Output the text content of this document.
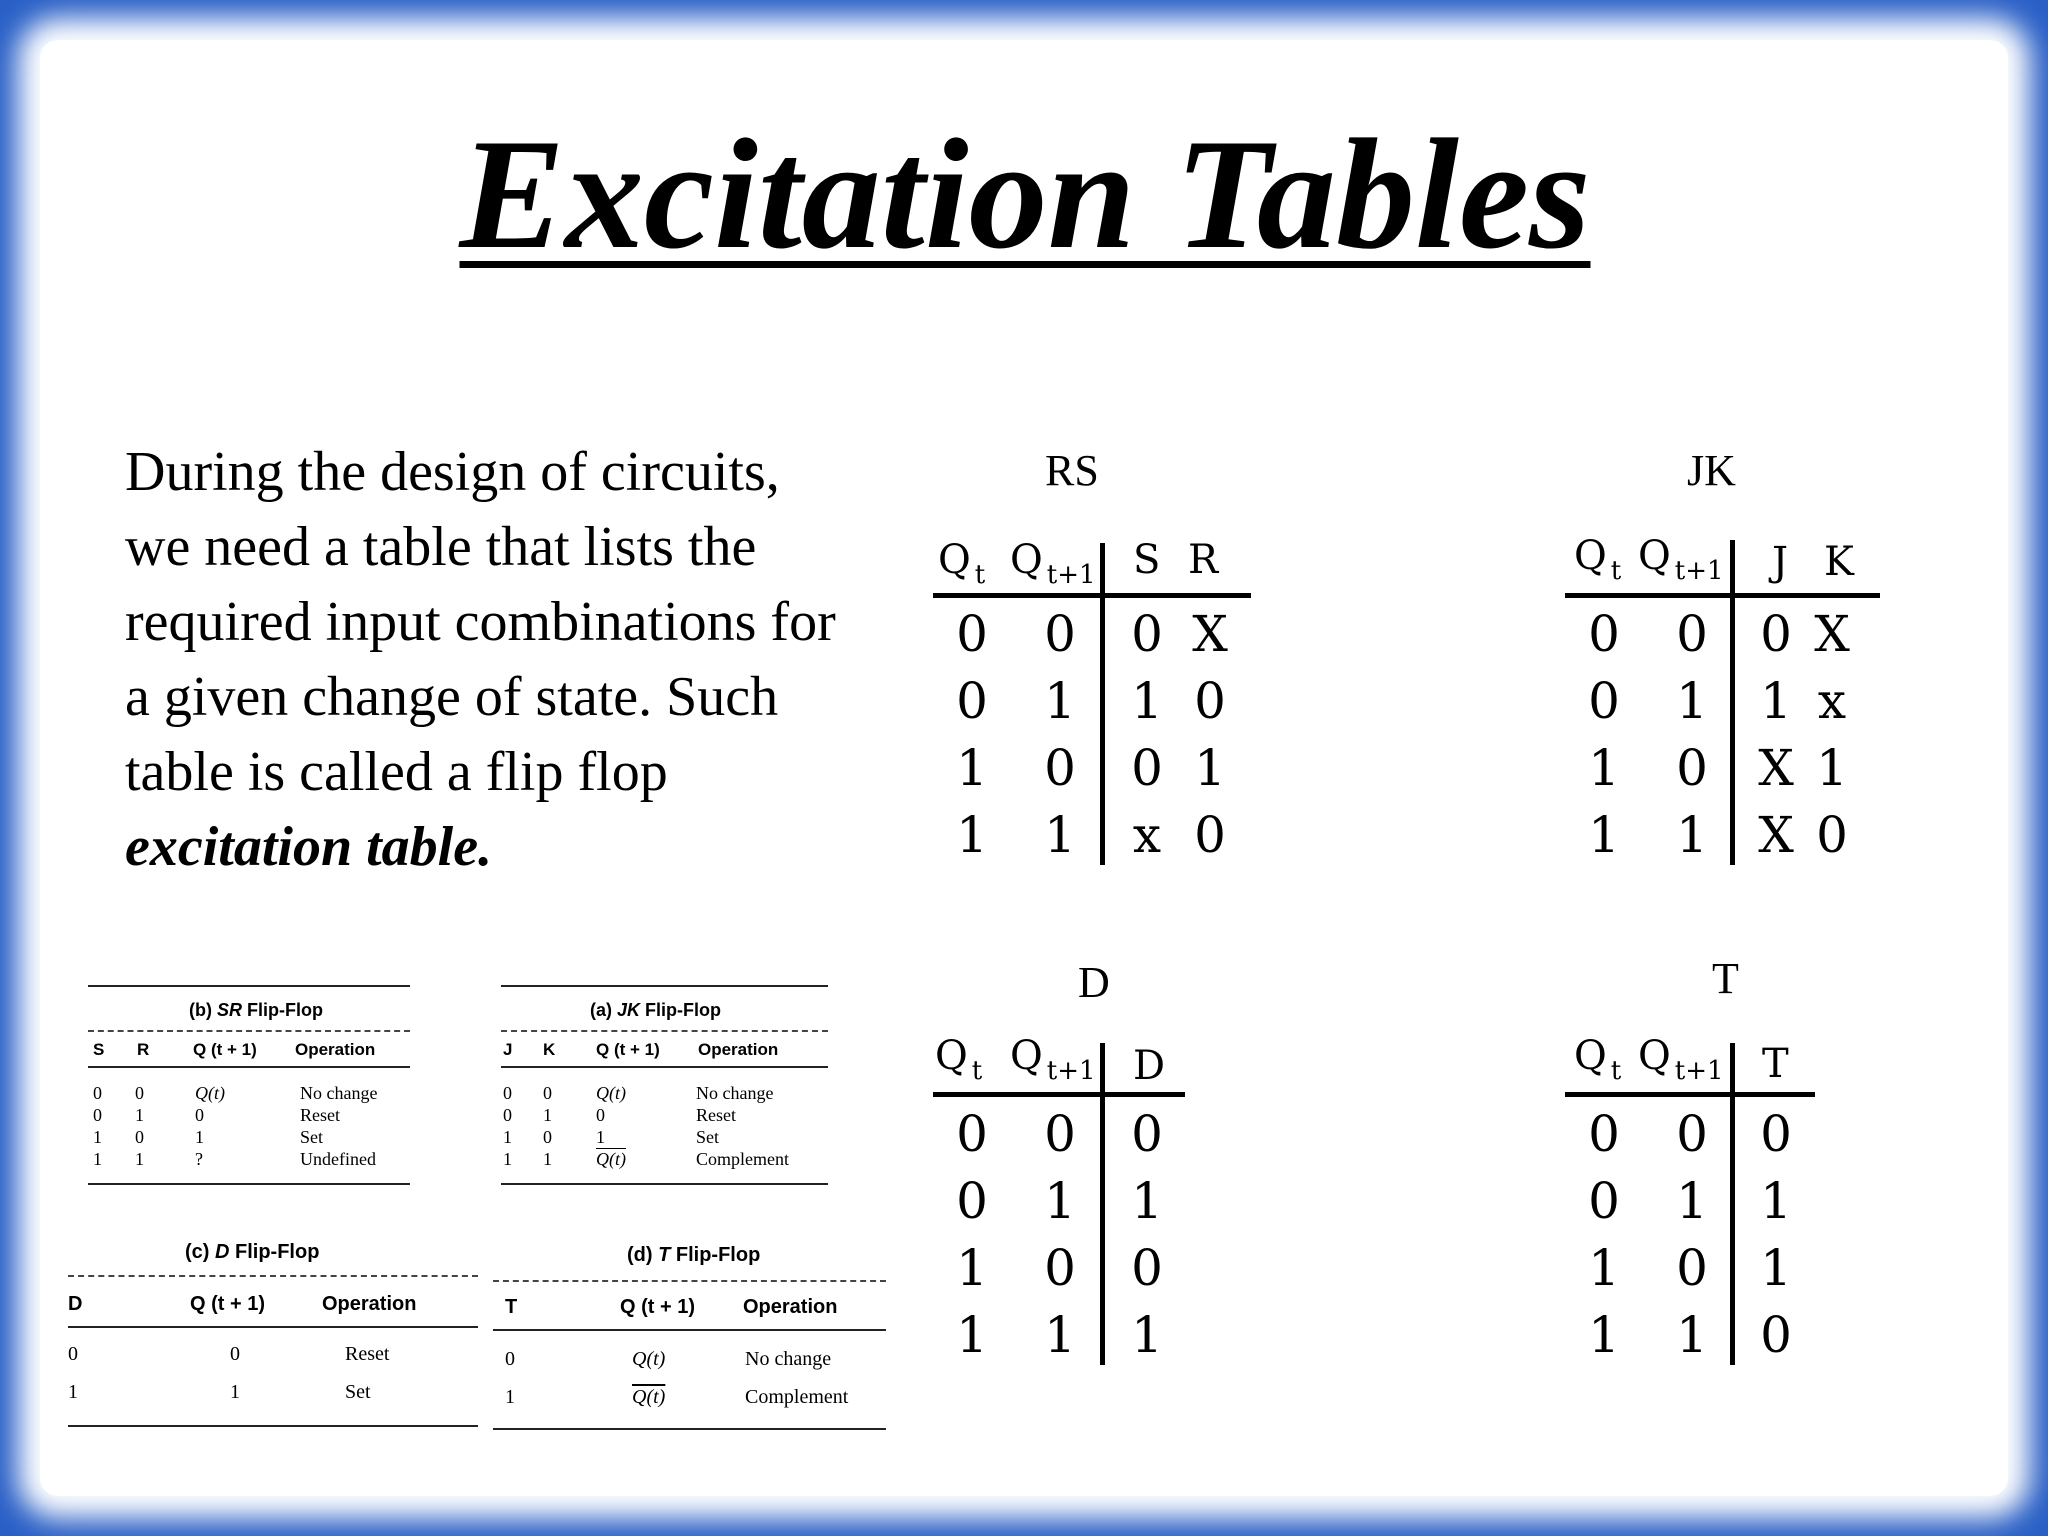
Excitation Tables
During the design of circuits, we need a table that lists the required input combinations for a given change of state. Such table is called a flip flop excitation table.
RS
Q $_t$ Q $_{t+1}$ S R
0 0 0 X
0 1 1 0
1 0 0 1
1 1 x 0
JK
Q $_t$ Q $_{t+1}$ J K
0 0 0 X
0 1 1 x
1 0 X 1
1 1 X 0
D
Q $_t$ Q $_{t+1}$ D
0 0 0
0 1 1
1 0 0
1 1 1
T
Q $_t$ Q $_{t+1}$ T
0 0 0
0 1 1
1 0 1
1 1 0
(b) SR Flip-Flop
S R	Q (t + 1) Operation
0 0	Q(t)	No change
0 1	0	Reset
1 0	1	Set
1 1	?	Undefined
(a) JK Flip-Flop
J K Q (t + 1) Operation
0 0 Q(t)	No change
0 1 0	Reset
1 0 1	Set
1 1 Q(t)	Complement
(c) D Flip-Flop
D	Q (t + 1)	Operation
0	0	Reset
1	1	Set
(d) T Flip-Flop
T	Q (t + 1) Operation
0	Q(t)	No change
1	Q(t)	Complement
